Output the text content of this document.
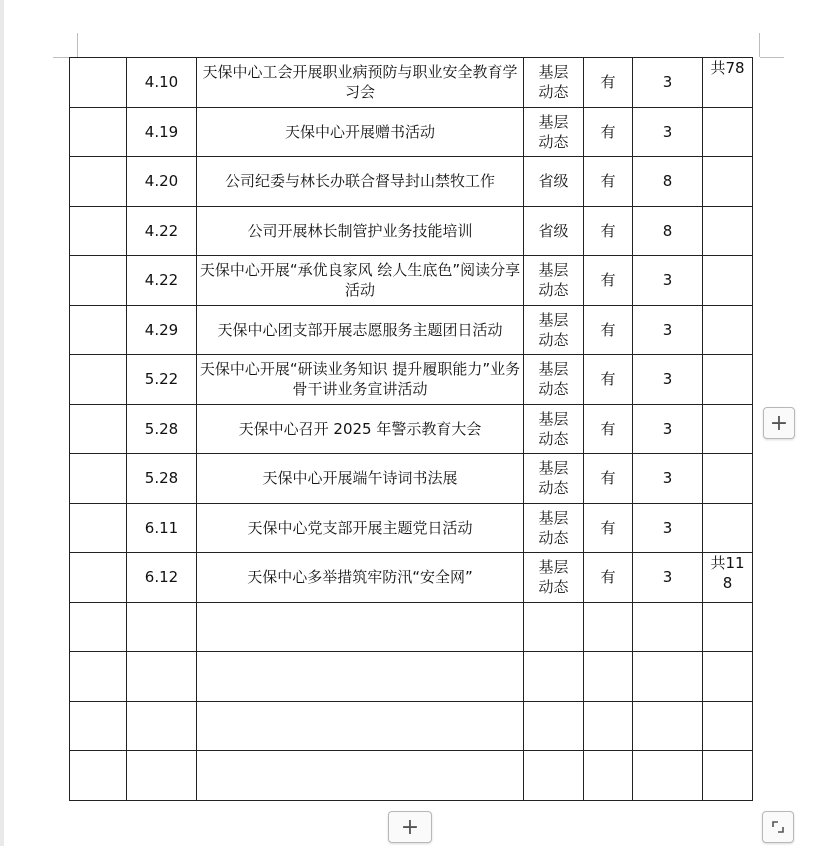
	4.10	天保中心工会开展职业病预防与职业安全教育学习会	基层动态	有	3	共78
	4.19	天保中心开展赠书活动	基层动态	有	3	
	4.20	公司纪委与林长办联合督导封山禁牧工作	省级	有	8	
	4.22	公司开展林长制管护业务技能培训	省级	有	8	
	4.22	天保中心开展“承优良家风 绘人生底色”阅读分享活动	基层动态	有	3	
	4.29	天保中心团支部开展志愿服务主题团日活动	基层动态	有	3	
	5.22	天保中心开展“研读业务知识 提升履职能力”业务骨干讲业务宣讲活动	基层动态	有	3	
	5.28	天保中心召开 2025 年警示教育大会	基层动态	有	3	
	5.28	天保中心开展端午诗词书法展	基层动态	有	3	
	6.11	天保中心党支部开展主题党日活动	基层动态	有	3	
	6.12	天保中心多举措筑牢防汛“安全网”	基层动态	有	3	共118

+
+
